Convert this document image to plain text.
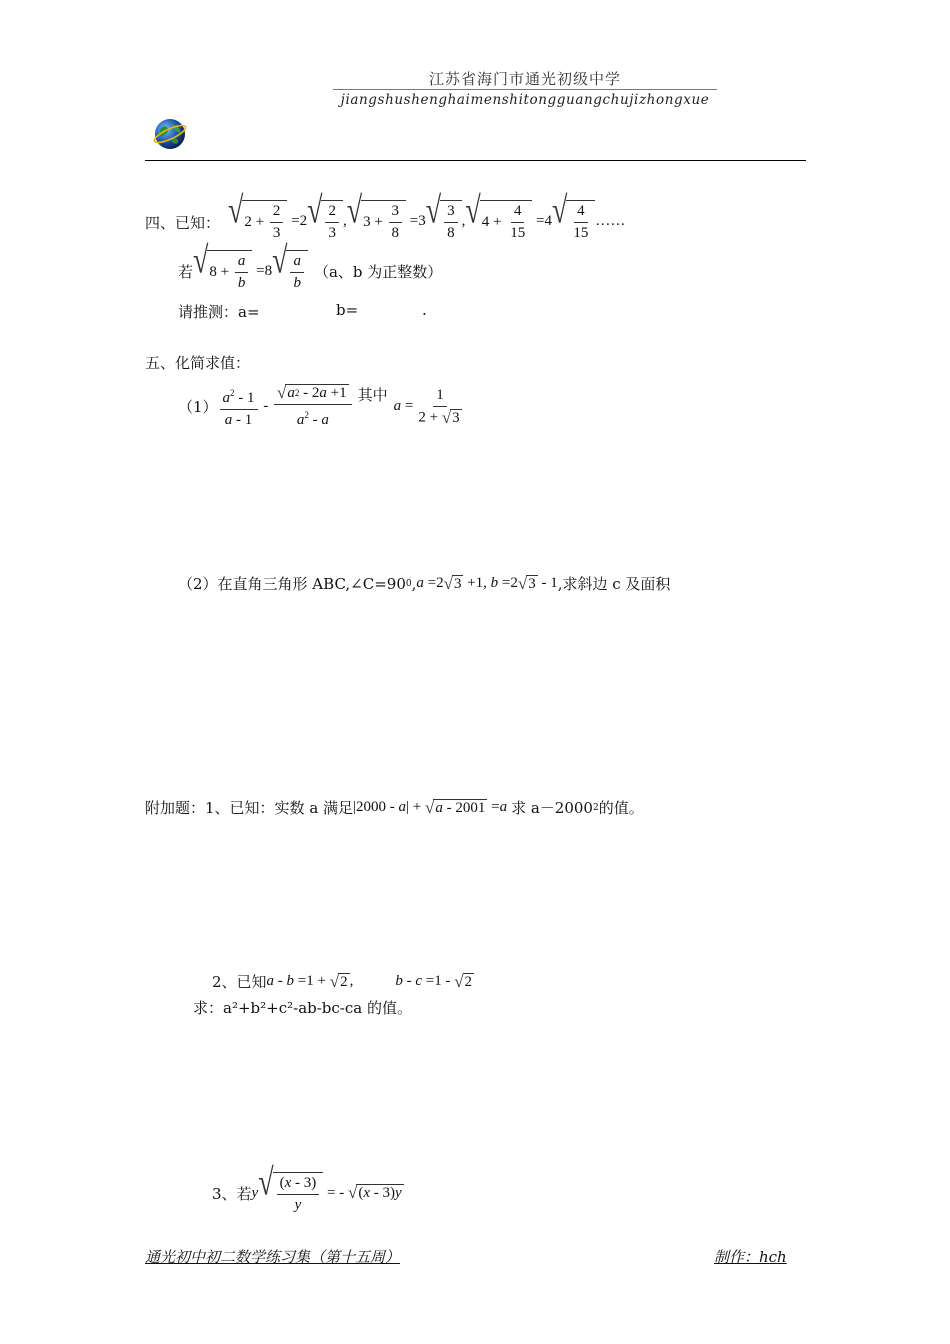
江苏省海门市通光初级中学
jiangshushenghaimenshitongguangchujizhongxue
四、已知： √ $2 + \frac{2}{3} = 2$ √ $\frac{2}{3}$ , √ $3 + \frac{3}{8} = 3$ √ $\frac{3}{8}$ , √ $4 + \frac{4}{15} = 4$ √ $\frac{4}{15}$ ……
若 √ $8 + \frac{a}{b} = 8$ √ $\frac{a}{b} (a$、b 为正整数）
请推测：a=	b=	.
五、化简求值：
$(1) \frac{a^2 - 1}{a - 1} - \frac{√ a 2 - 2 a +1}{a^2 - a}$ 其中
$a = \frac{1}{2 + √ 3}$
（2）在直角三角形 ABC,∠C=90 0 , a =2 √ 3 +1, b =2 √ 3 - 1 ,求斜边 c 及面积
附加题：1、已知：实数 a 满足 |2000 - a | + √ a - 2001 = a 求 a－2000 2 的值。
2、已知 a - b =1 + √ 2 ,	b - c =1 - √ 2
求：a²+b²+c²-ab-bc-ca 的值。
3、若 y √ $\frac{(x - 3)}{y}$ = - √ ( x - 3) y
通光初中初二数学练习集（第十五周）	制作：hch
